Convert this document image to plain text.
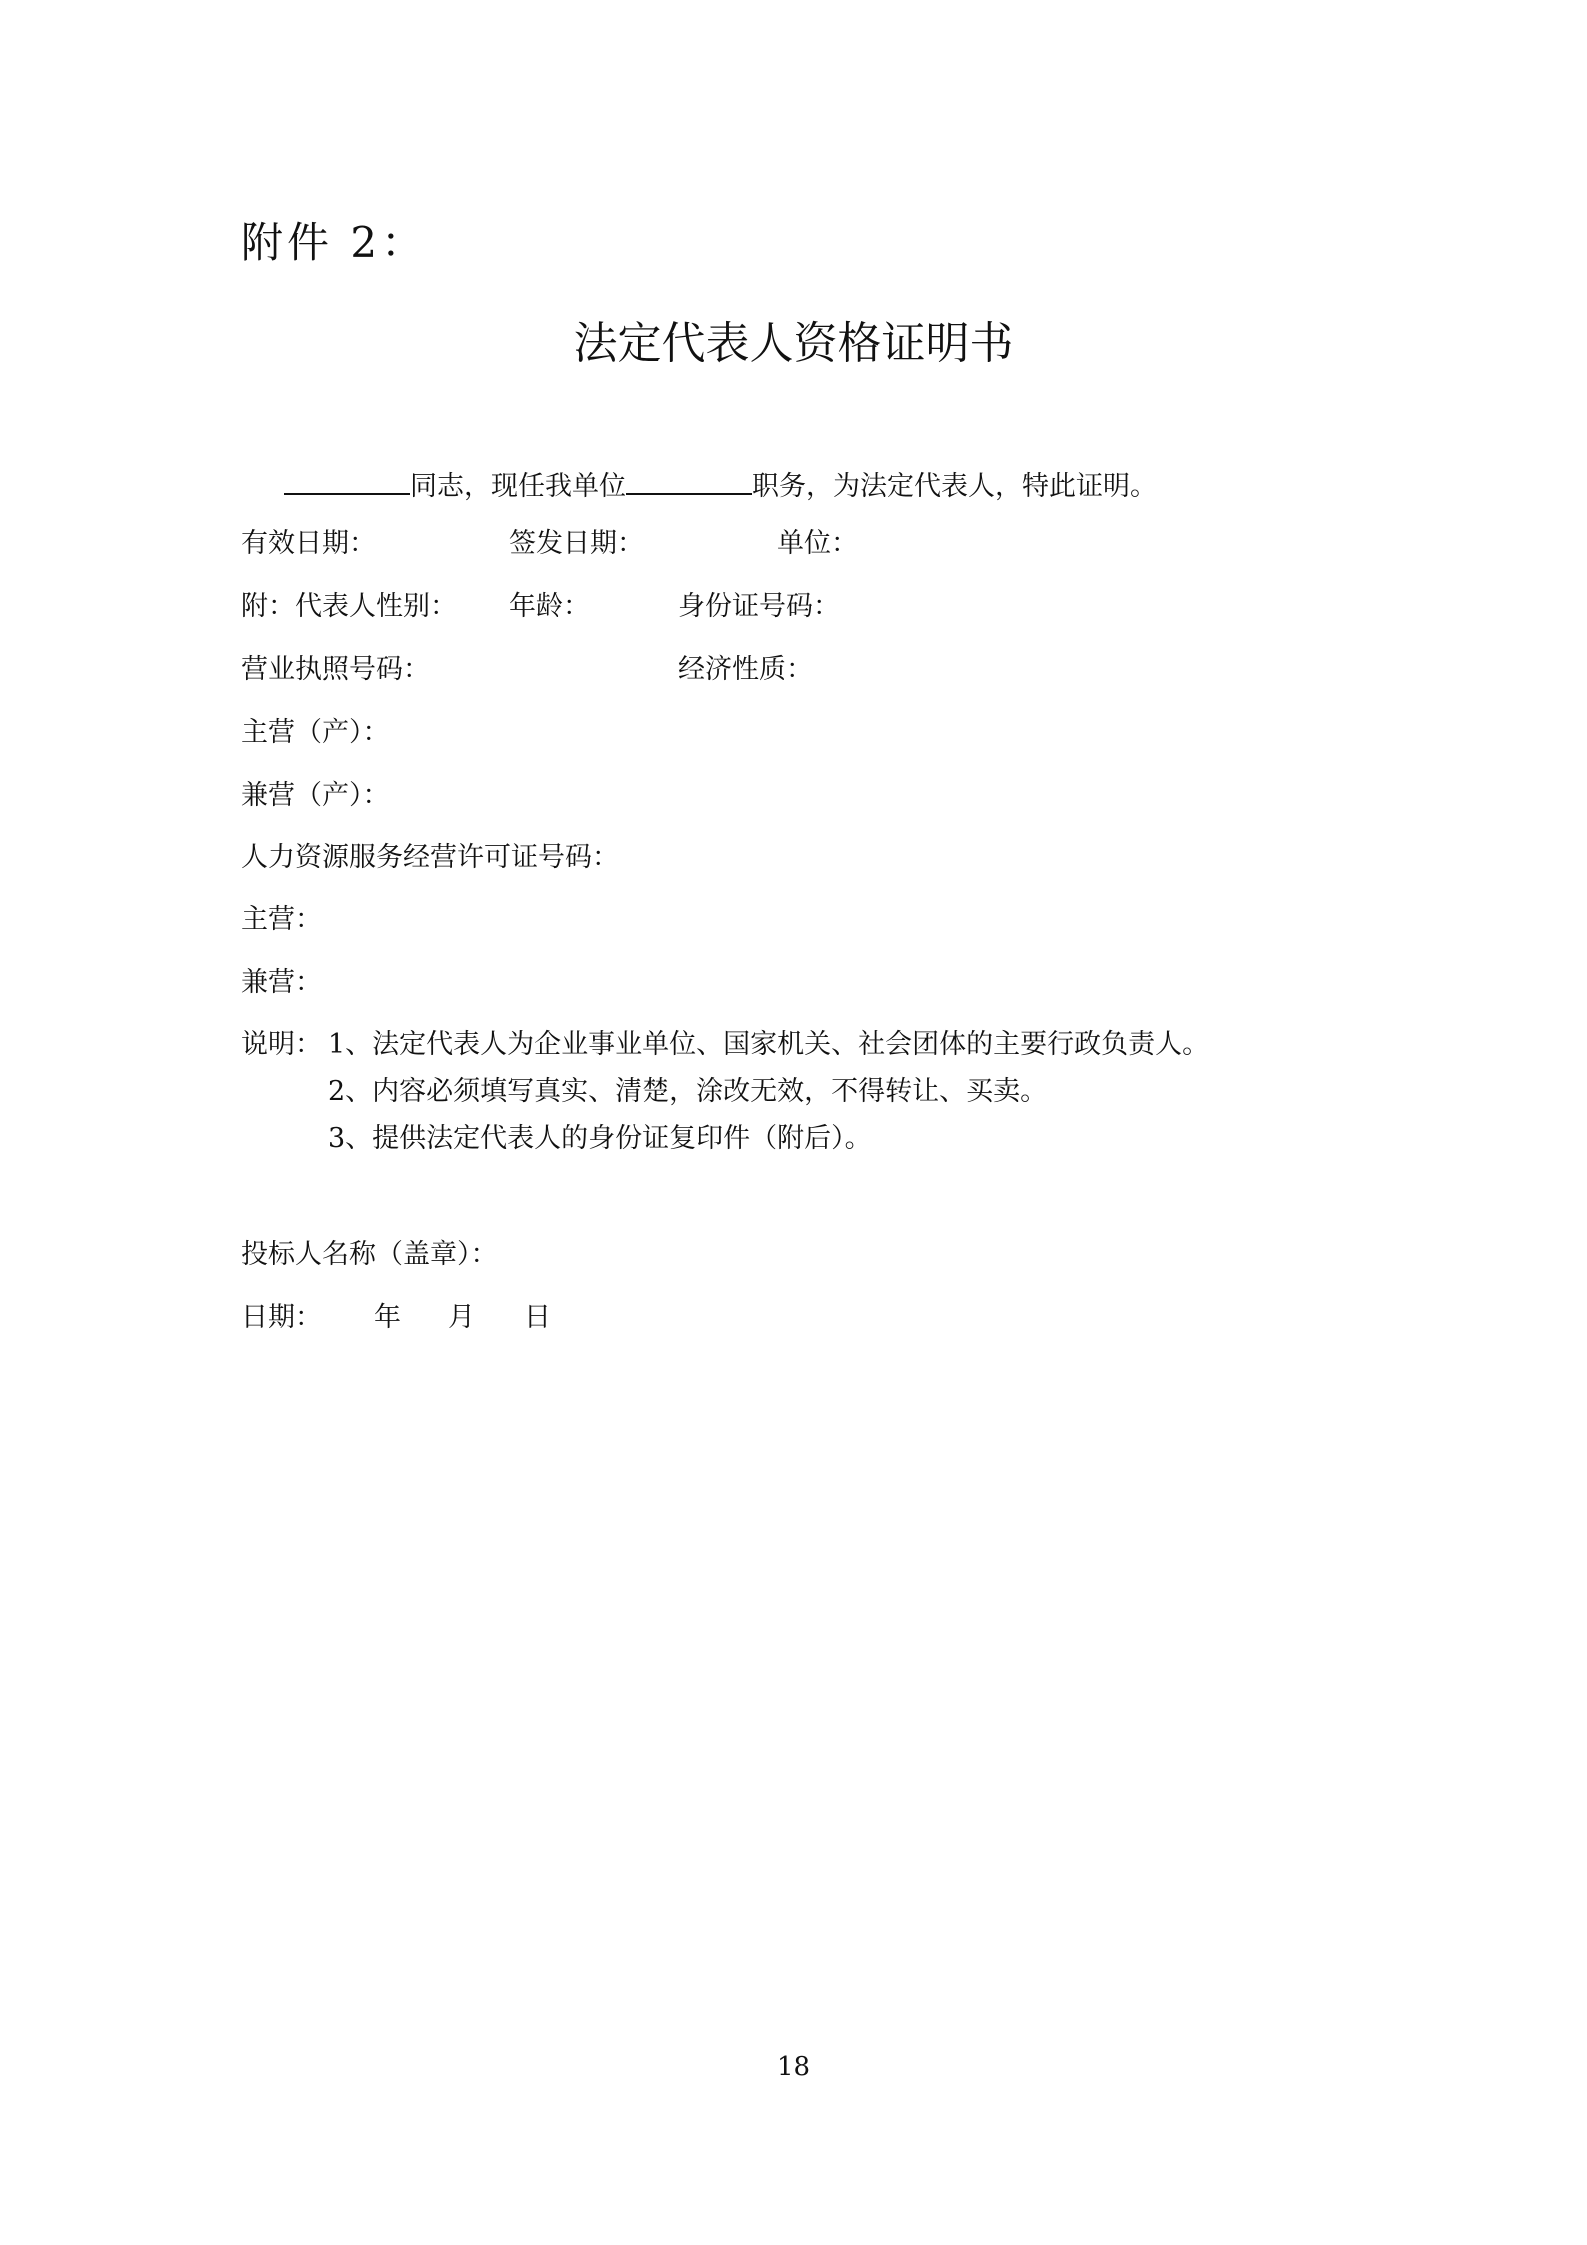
附件 2：
法定代表人资格证明书
同志，现任我单位	职务，为法定代表人，特此证明。
有效日期：	签发日期：	单位：
附：代表人性别： 年龄：	身份证号码：
营业执照号码：	经济性质：
主营（产）：
兼营（产）：
人力资源服务经营许可证号码：
主营：
兼营：
说明： 1、法定代表人为企业事业单位、国家机关、社会团体的主要行政负责人。
2、内容必须填写真实、清楚，涂改无效，不得转让、买卖。
3、提供法定代表人的身份证复印件（附后）。
投标人名称（盖章）：
日期： 年 月 日
18
